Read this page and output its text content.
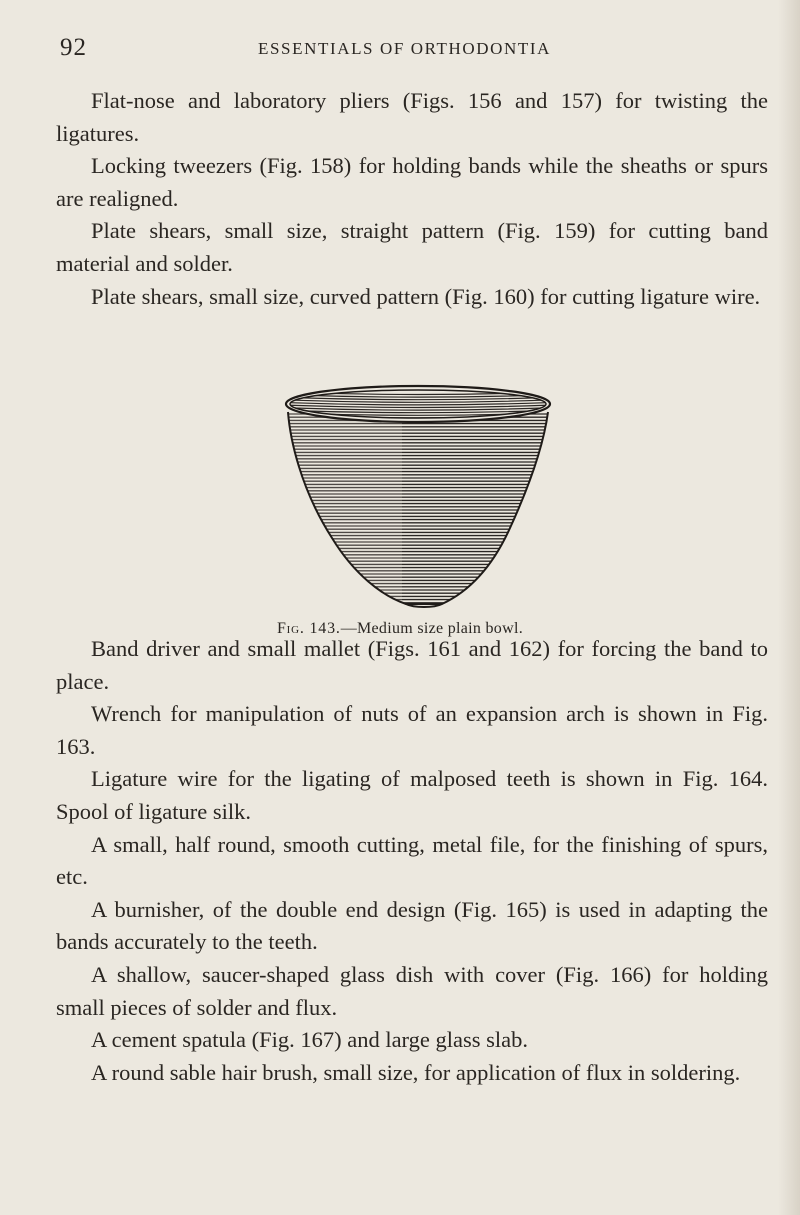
92	ESSENTIALS OF ORTHODONTIA

Flat-nose and laboratory pliers (Figs. 156 and 157) for twisting the ligatures.

Locking tweezers (Fig. 158) for holding bands while the sheaths or spurs are realigned.

Plate shears, small size, straight pattern (Fig. 159) for cutting band material and solder.

Plate shears, small size, curved pattern (Fig. 160) for cutting ligature wire.

Fig. 143.—Medium size plain bowl.

Band driver and small mallet (Figs. 161 and 162) for forcing the band to place.

Wrench for manipulation of nuts of an expansion arch is shown in Fig. 163.

Ligature wire for the ligating of malposed teeth is shown in Fig. 164. Spool of ligature silk.

A small, half round, smooth cutting, metal file, for the finishing of spurs, etc.

A burnisher, of the double end design (Fig. 165) is used in adapting the bands accurately to the teeth.

A shallow, saucer-shaped glass dish with cover (Fig. 166) for holding small pieces of solder and flux.

A cement spatula (Fig. 167) and large glass slab.

A round sable hair brush, small size, for application of flux in soldering.
